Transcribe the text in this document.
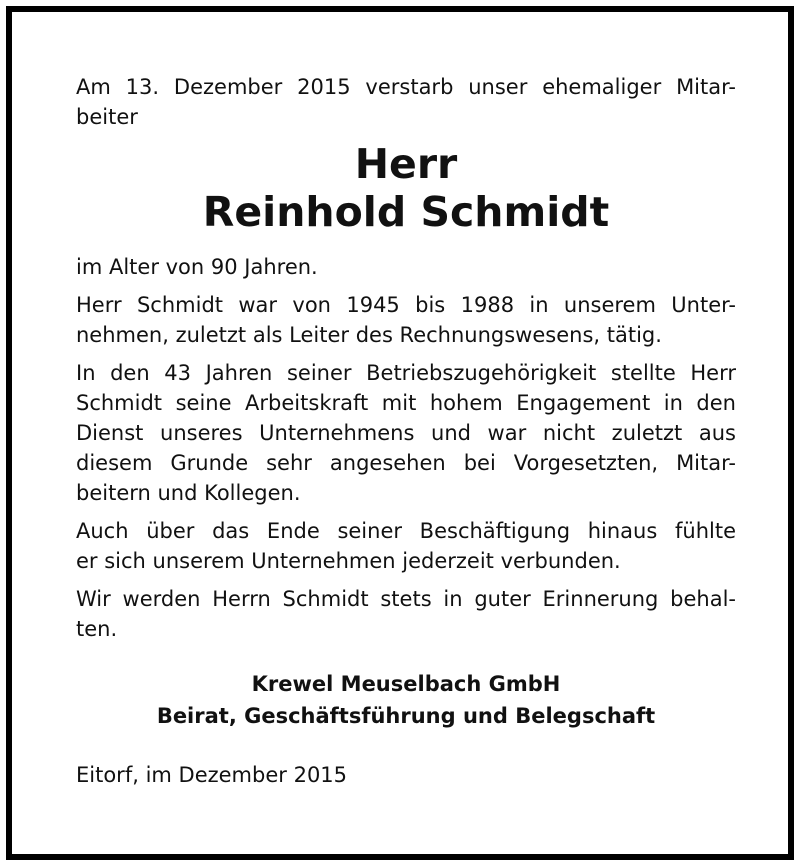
Am 13. Dezember 2015 verstarb unser ehemaliger Mitar-
beiter
Herr
Reinhold Schmidt
im Alter von 90 Jahren.
Herr Schmidt war von 1945 bis 1988 in unserem Unter-
nehmen, zuletzt als Leiter des Rechnungswesens, tätig.
In den 43 Jahren seiner Betriebszugehörigkeit stellte Herr
Schmidt seine Arbeitskraft mit hohem Engagement in den
Dienst unseres Unternehmens und war nicht zuletzt aus
diesem Grunde sehr angesehen bei Vorgesetzten, Mitar-
beitern und Kollegen.
Auch über das Ende seiner Beschäftigung hinaus fühlte
er sich unserem Unternehmen jederzeit verbunden.
Wir werden Herrn Schmidt stets in guter Erinnerung behal-
ten.
Krewel Meuselbach GmbH
Beirat, Geschäftsführung und Belegschaft
Eitorf, im Dezember 2015
